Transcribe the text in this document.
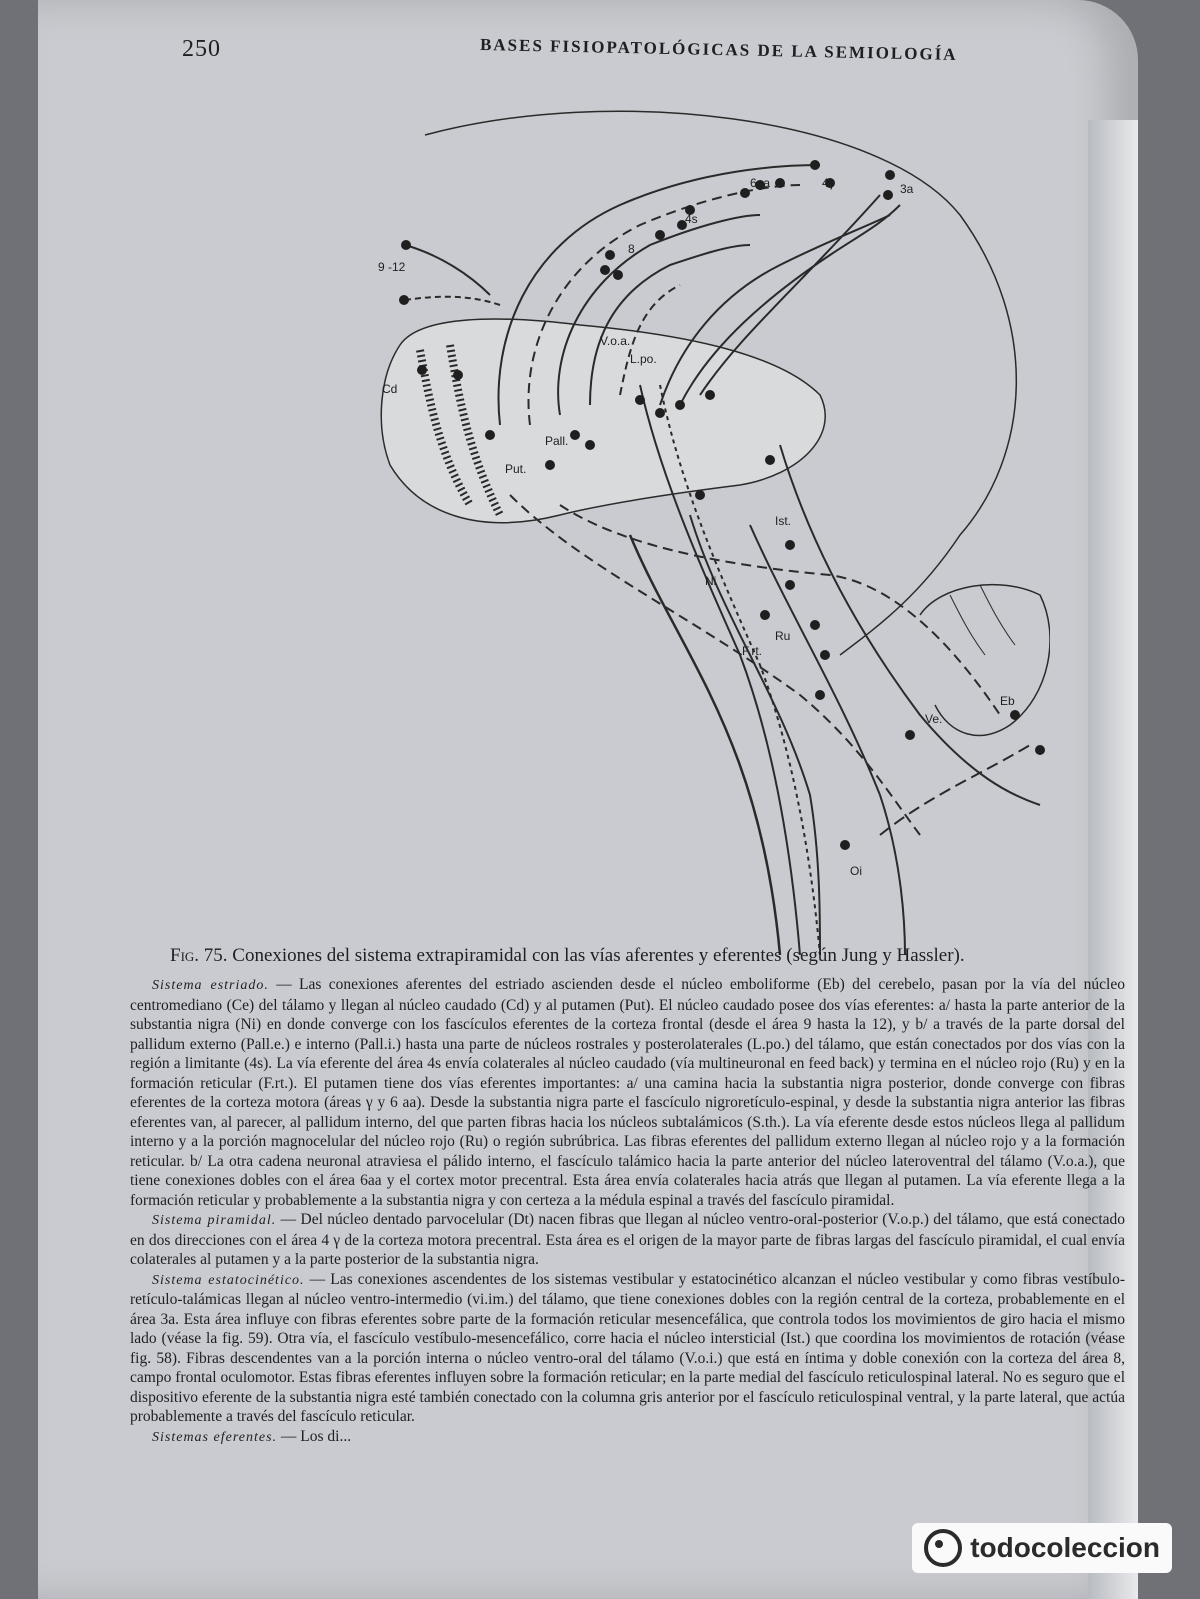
250	BASES FISIOPATOLÓGICAS DE LA SEMIOLOGÍA
9 -12
8
4s
6aa	4γ	3a
Cd
Put.
Pall.
L.po.
V.o.a.
Ni
Ru
Ist.
F.rt.
Ve.
Eb
Oi
Fig. 75. Conexiones del sistema extrapiramidal con las vías aferentes y eferentes (según Jung y Hassler).

Sistema estriado. — Las conexiones aferentes del estriado ascienden desde el núcleo emboliforme (Eb) del cerebelo, pasan por la vía del núcleo centromediano (Ce) del tálamo y llegan al núcleo caudado (Cd) y al putamen (Put). El núcleo caudado posee dos vías eferentes: a/ hasta la parte anterior de la substantia nigra (Ni) en donde converge con los fascículos eferentes de la corteza frontal (desde el área 9 hasta la 12), y b/ a través de la parte dorsal del pallidum externo (Pall.e.) e interno (Pall.i.) hasta una parte de núcleos rostrales y posterolaterales (L.po.) del tálamo, que están conectados por dos vías con la región a limitante (4s). La vía eferente del área 4s envía colaterales al núcleo caudado (vía multineuronal en feed back) y termina en el núcleo rojo (Ru) y en la formación reticular (F.rt.). El putamen tiene dos vías eferentes importantes: a/ una camina hacia la substantia nigra posterior, donde converge con fibras eferentes de la corteza motora (áreas γ y 6 aa). Desde la substantia nigra parte el fascículo nigroretículo-espinal, y desde la substantia nigra anterior las fibras eferentes van, al parecer, al pallidum interno, del que parten fibras hacia los núcleos subtalámicos (S.th.). La vía eferente desde estos núcleos llega al pallidum interno y a la porción magnocelular del núcleo rojo (Ru) o región subrúbrica. Las fibras eferentes del pallidum externo llegan al núcleo rojo y a la formación reticular. b/ La otra cadena neuronal atraviesa el pálido interno, el fascículo talámico hacia la parte anterior del núcleo lateroventral del tálamo (V.o.a.), que tiene conexiones dobles con el área 6aa y el cortex motor precentral. Esta área envía colaterales hacia atrás que llegan al putamen. La vía eferente llega a la formación reticular y probablemente a la substantia nigra y con certeza a la médula espinal a través del fascículo piramidal.

Sistema piramidal. — Del núcleo dentado parvocelular (Dt) nacen fibras que llegan al núcleo ventro-oral-posterior (V.o.p.) del tálamo, que está conectado en dos direcciones con el área 4 γ de la corteza motora precentral. Esta área es el origen de la mayor parte de fibras largas del fascículo piramidal, el cual envía colaterales al putamen y a la parte posterior de la substantia nigra.

Sistema estatocinético. — Las conexiones ascendentes de los sistemas vestibular y estatocinético alcanzan el núcleo vestibular y como fibras vestíbulo-retículo-talámicas llegan al núcleo ventro-intermedio (vi.im.) del tálamo, que tiene conexiones dobles con la región central de la corteza, probablemente en el área 3a. Esta área influye con fibras eferentes sobre parte de la formación reticular mesencefálica, que controla todos los movimientos de giro hacia el mismo lado (véase la fig. 59). Otra vía, el fascículo vestíbulo-mesencefálico, corre hacia el núcleo intersticial (Ist.) que coordina los movimientos de rotación (véase fig. 58). Fibras descendentes van a la porción interna o núcleo ventro-oral del tálamo (V.o.i.) que está en íntima y doble conexión con la corteza del área 8, campo frontal oculomotor. Estas fibras eferentes influyen sobre la formación reticular; en la parte medial del fascículo reticulospinal lateral. No es seguro que el dispositivo eferente de la substantia nigra esté también conectado con la columna gris anterior por el fascículo reticulospinal ventral, y la parte lateral, que actúa probablemente a través del fascículo reticular.

Sistemas eferentes. — Los di...

todocoleccion
